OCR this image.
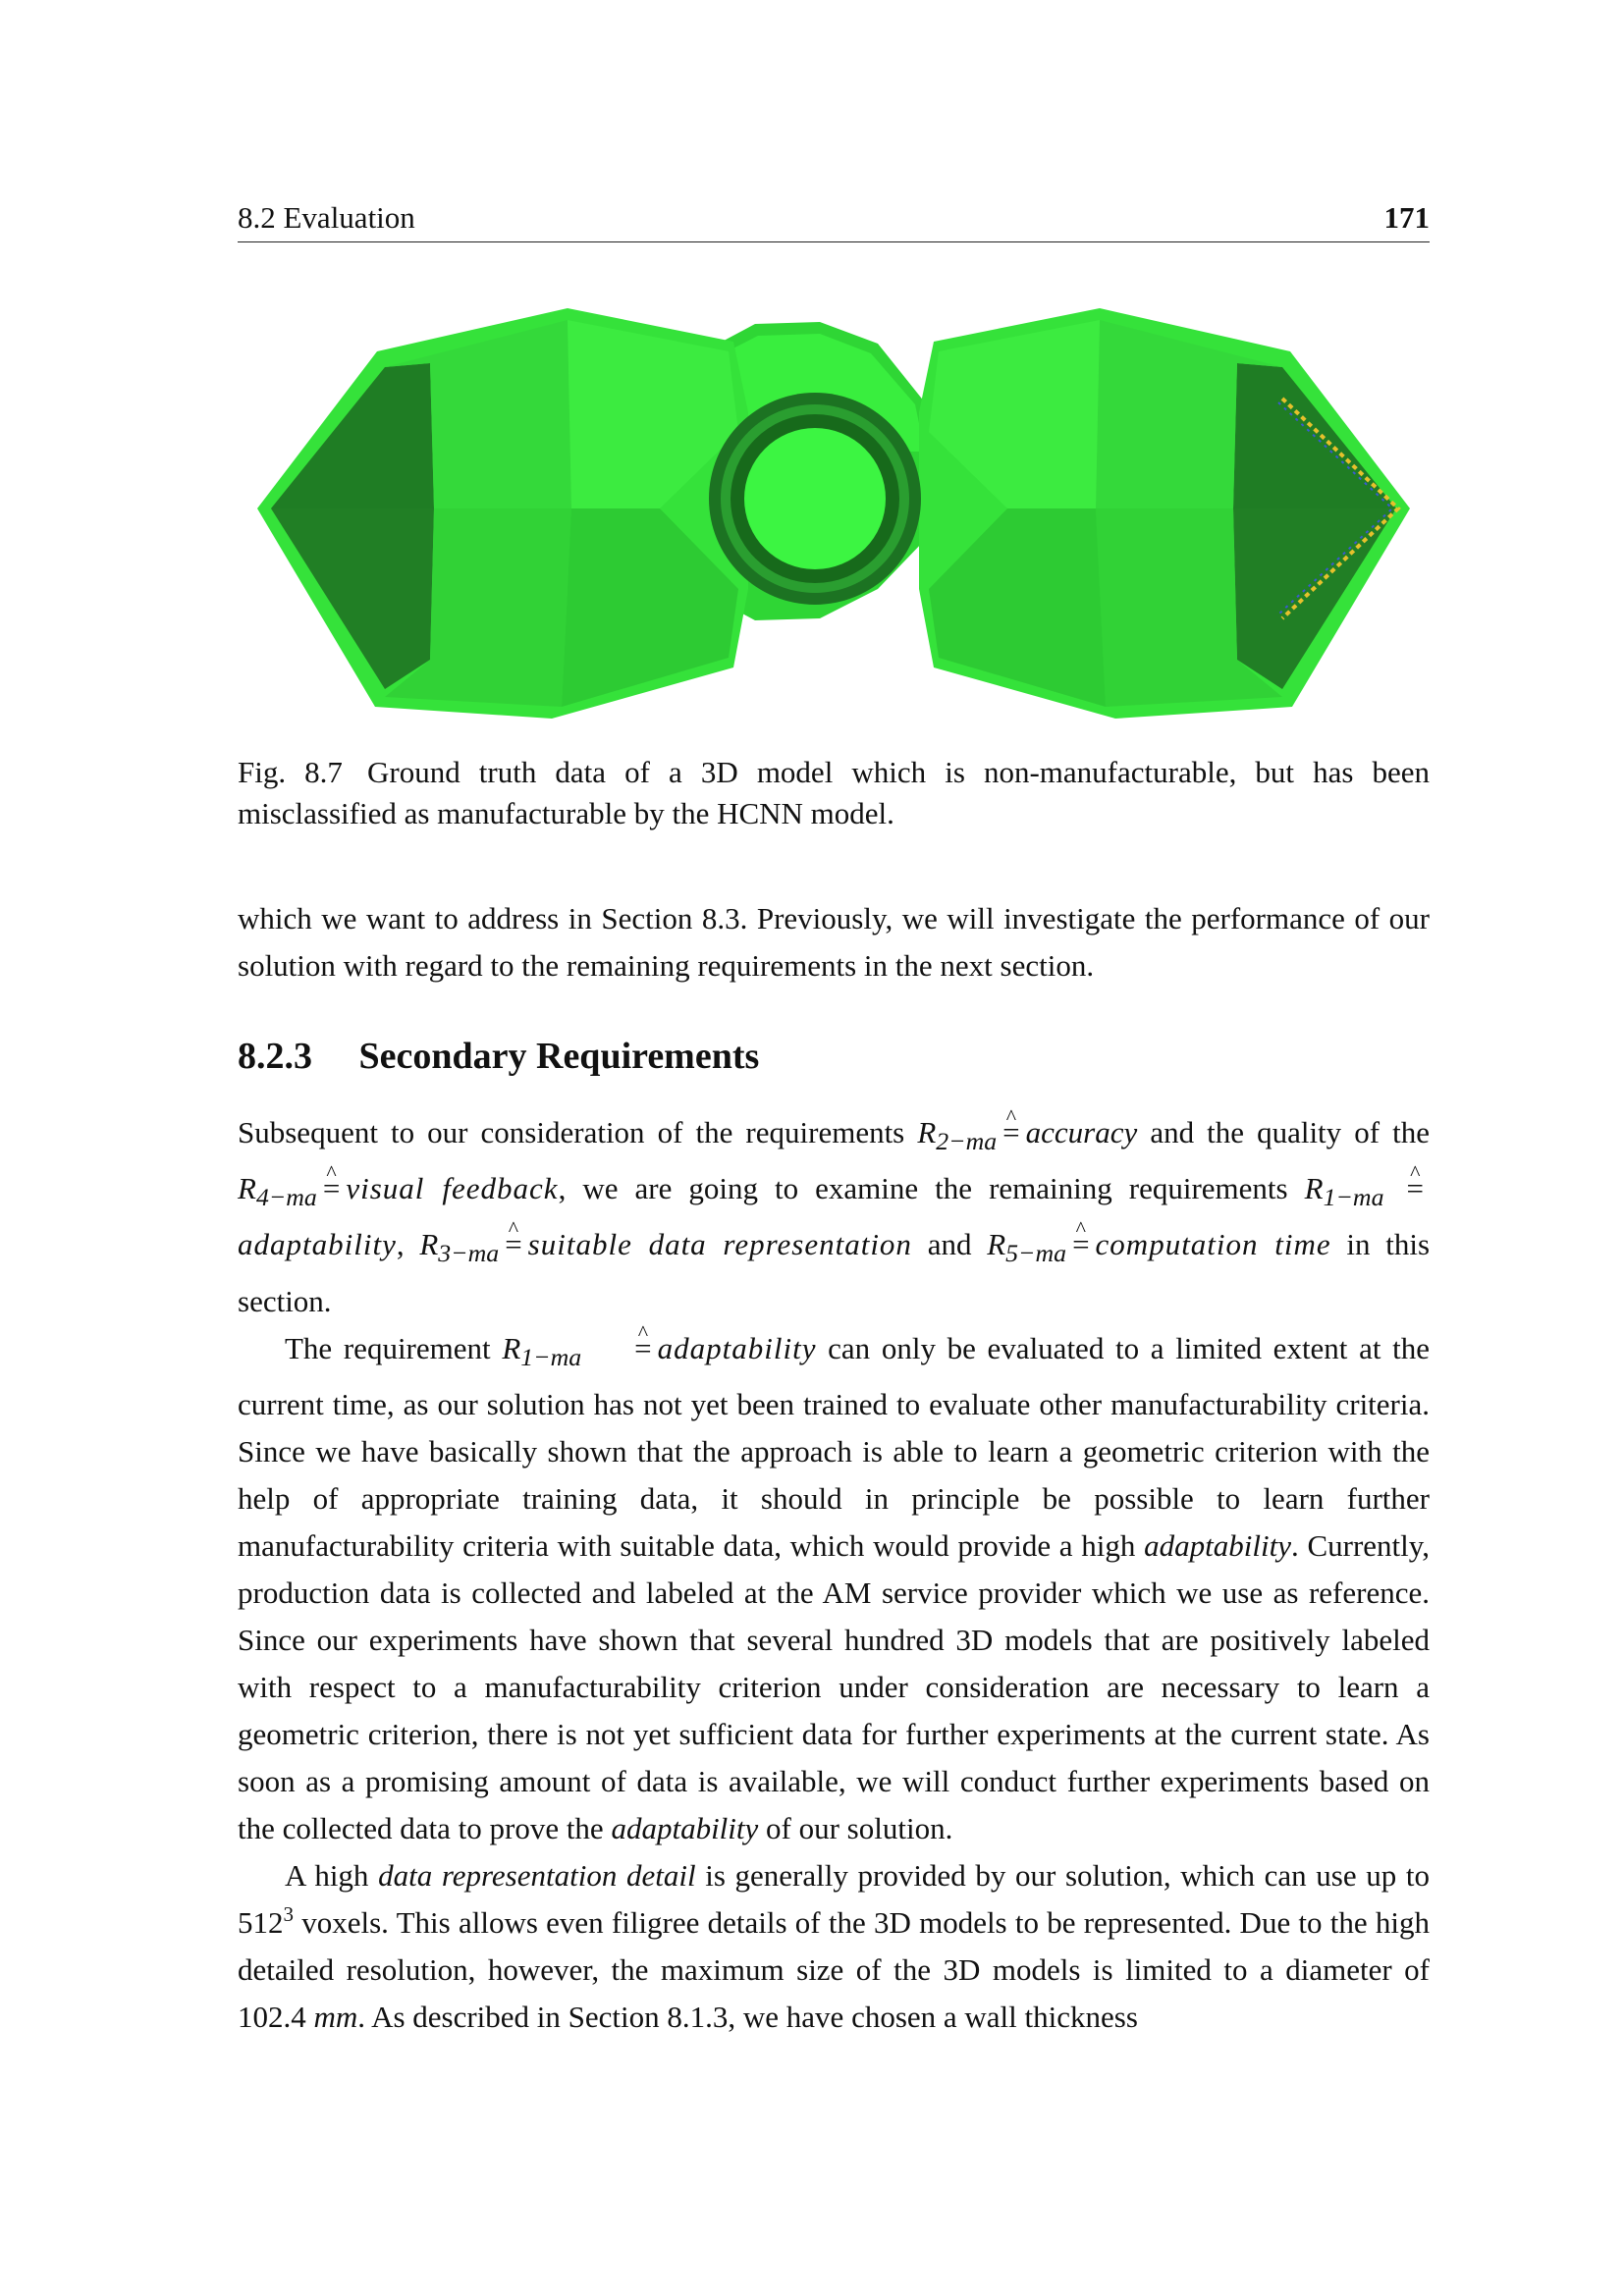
8.2 Evaluation	171
Fig. 8.7 Ground truth data of a 3D model which is non-manufacturable, but has been misclassified as manufacturable by the HCNN model.

which we want to address in Section 8.3. Previously, we will investigate the performance of our solution with regard to the remaining requirements in the next section.

8.2.3 Secondary Requirements

Subsequent to our consideration of the requirements $R_{2-ma}\^{}$ = accuracy and the quality of the $R_{4-ma}\^{}$ = visual feedback, we are going to examine the remaining requirements $R_{1-ma}$ ^ =adaptability, $R_{3-ma}\^{}$ = suitable data representation and $R_{5-ma}\^{}$ = computation time in this section.

The requirement $R_{1-ma}\^{}$ = adaptability can only be evaluated to a limited extent at the current time, as our solution has not yet been trained to evaluate other manufacturability criteria. Since we have basically shown that the approach is able to learn a geometric criterion with the help of appropriate training data, it should in principle be possible to learn further manufacturability criteria with suitable data, which would provide a high adaptability. Currently, production data is collected and labeled at the AM service provider which we use as reference. Since our experiments have shown that several hundred 3D models that are positively labeled with respect to a manufacturability criterion under consideration are necessary to learn a geometric criterion, there is not yet sufficient data for further experiments at the current state. As soon as a promising amount of data is available, we will conduct further experiments based on the collected data to prove the adaptability of our solution.

A high data representation detail is generally provided by our solution, which can use up to $512^3$ voxels. This allows even filigree details of the 3D models to be represented. Due to the high detailed resolution, however, the maximum size of the 3D models is limited to a diameter of 102.4 mm. As described in Section 8.1.3, we have chosen a wall thickness
